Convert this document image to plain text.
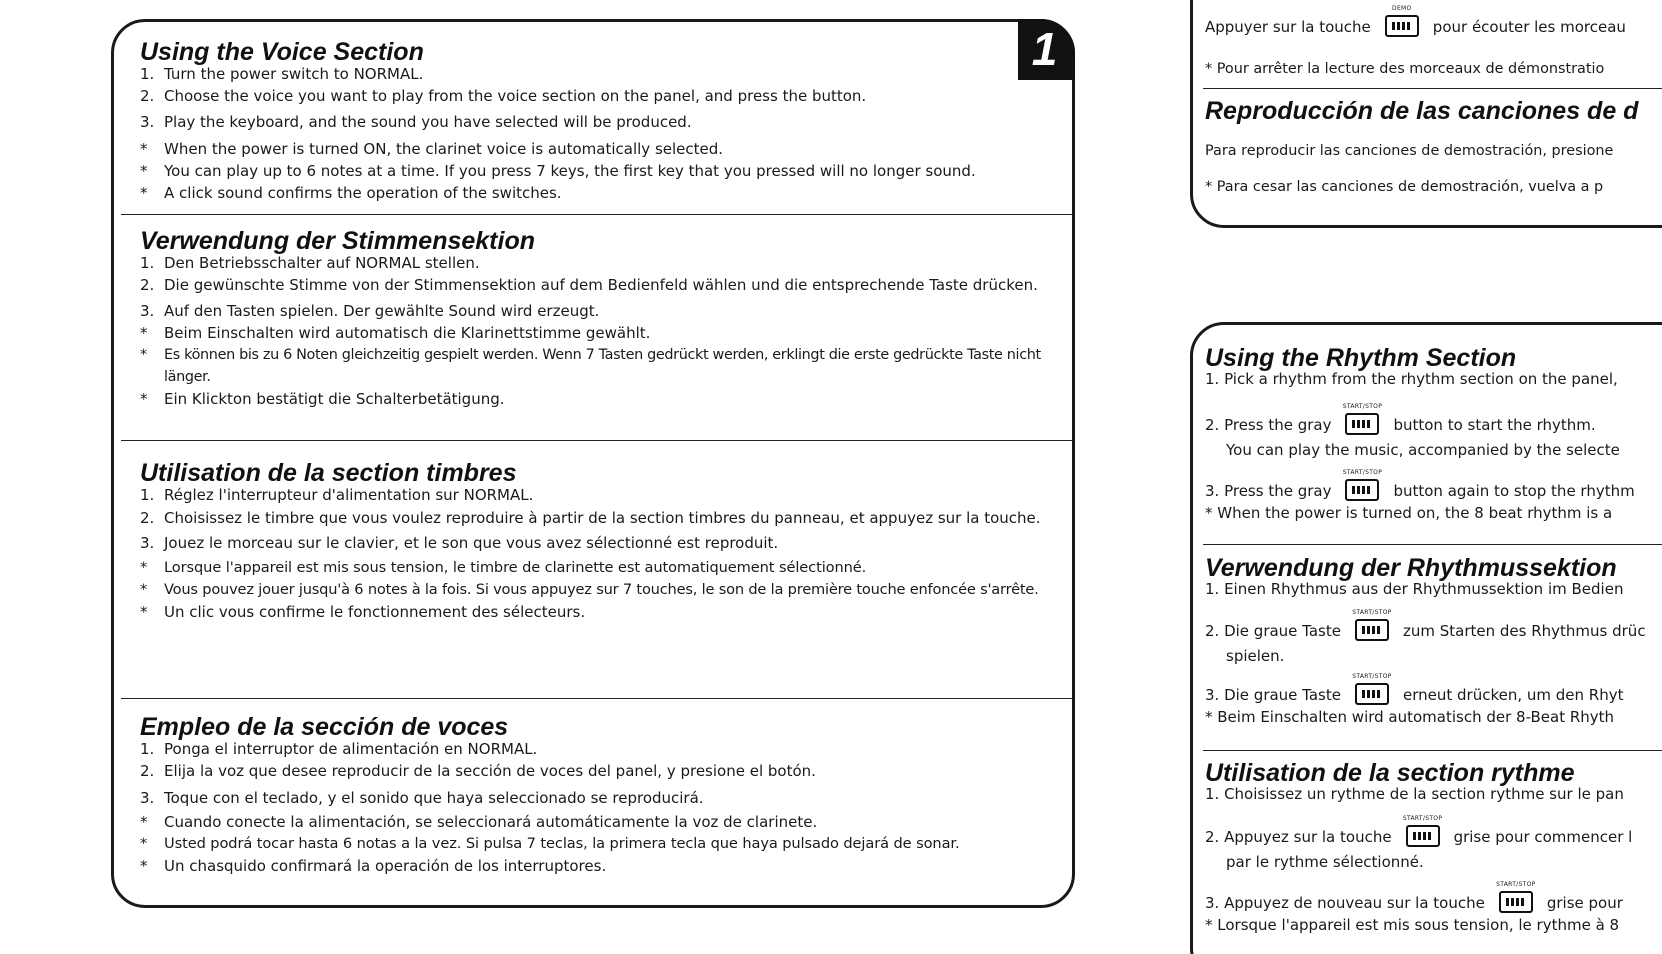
1
Using the Voice Section
1. Turn the power switch to NORMAL.
2. Choose the voice you want to play from the voice section on the panel, and press the button.
3. Play the keyboard, and the sound you have selected will be produced.
*	When the power is turned ON, the clarinet voice is automatically selected.
*	You can play up to 6 notes at a time. If you press 7 keys, the first key that you pressed will no longer sound.
*	A click sound confirms the operation of the switches.
Verwendung der Stimmensektion
1. Den Betriebsschalter auf NORMAL stellen.
2. Die gewünschte Stimme von der Stimmensektion auf dem Bedienfeld wählen und die entsprechende Taste drücken.
3. Auf den Tasten spielen. Der gewählte Sound wird erzeugt.
*	Beim Einschalten wird automatisch die Klarinettstimme gewählt.
*	Es können bis zu 6 Noten gleichzeitig gespielt werden. Wenn 7 Tasten gedrückt werden, erklingt die erste gedrückte Taste nicht länger.
*	Ein Klickton bestätigt die Schalterbetätigung.
Utilisation de la section timbres
1. Réglez l'interrupteur d'alimentation sur NORMAL.
2. Choisissez le timbre que vous voulez reproduire à partir de la section timbres du panneau, et appuyez sur la touche.
3. Jouez le morceau sur le clavier, et le son que vous avez sélectionné est reproduit.
*	Lorsque l'appareil est mis sous tension, le timbre de clarinette est automatiquement sélectionné.
*	Vous pouvez jouer jusqu'à 6 notes à la fois. Si vous appuyez sur 7 touches, le son de la première touche enfoncée s'arrête.
*	Un clic vous confirme le fonctionnement des sélecteurs.
Empleo de la sección de voces
1. Ponga el interruptor de alimentación en NORMAL.
2. Elija la voz que desee reproducir de la sección de voces del panel, y presione el botón.
3. Toque con el teclado, y el sonido que haya seleccionado se reproducirá.
*	Cuando conecte la alimentación, se seleccionará automáticamente la voz de clarinete.
*	Usted podrá tocar hasta 6 notas a la vez. Si pulsa 7 teclas, la primera tecla que haya pulsado dejará de sonar.
*	Un chasquido confirmará la operación de los interruptores.
Appuyer sur la touche
DEMO
pour écouter les morceau
* Pour arrêter la lecture des morceaux de démonstratio
Reproducción de las canciones de d
Para reproducir las canciones de demostración, presione
* Para cesar las canciones de demostración, vuelva a p
Using the Rhythm Section
1. Pick a rhythm from the rhythm section on the panel,
2. Press the gray
START/STOP
button to start the rhythm.
You can play the music, accompanied by the selecte
3. Press the gray
START/STOP
button again to stop the rhythm
* When the power is turned on, the 8 beat rhythm is a
Verwendung der Rhythmussektion
1. Einen Rhythmus aus der Rhythmussektion im Bedien
2. Die graue Taste
START/STOP
zum Starten des Rhythmus drüc
spielen.
3. Die graue Taste
START/STOP
erneut drücken, um den Rhyt
* Beim Einschalten wird automatisch der 8-Beat Rhyth
Utilisation de la section rythme
1. Choisissez un rythme de la section rythme sur le pan
2. Appuyez sur la touche
START/STOP
grise pour commencer l
par le rythme sélectionné.
3. Appuyez de nouveau sur la touche
START/STOP
grise pour
* Lorsque l'appareil est mis sous tension, le rythme à 8
